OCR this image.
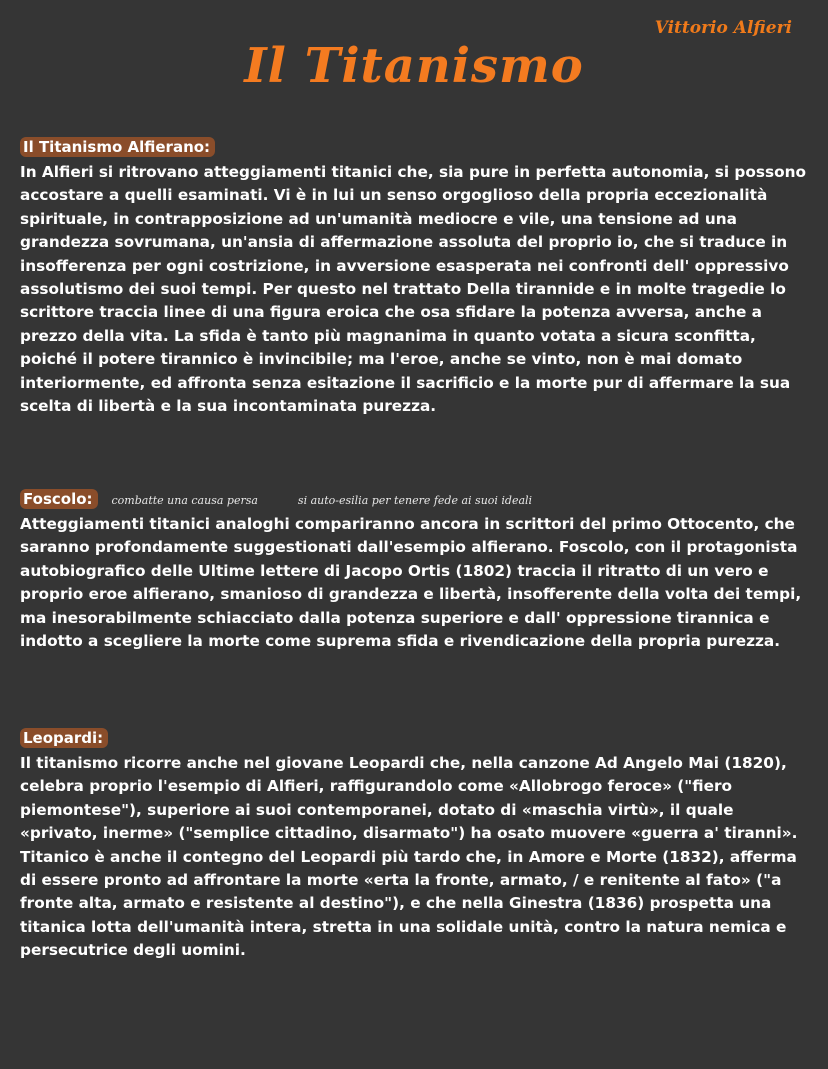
Vittorio Alfieri
Il Titanismo
Il Titanismo Alfierano:

In Alfieri si ritrovano atteggiamenti titanici che, sia pure in perfetta autonomia, si possono accostare a quelli esaminati. Vi è in lui un senso orgoglioso della propria eccezionalità spirituale, in contrapposizione ad un'umanità mediocre e vile, una tensione ad una grandezza sovrumana, un'ansia di affermazione assoluta del proprio io, che si traduce in insofferenza per ogni costrizione, in avversione esasperata nei confronti dell' oppressivo assolutismo dei suoi tempi. Per questo nel trattato Della tirannide e in molte tragedie lo scrittore traccia linee di una figura eroica che osa sfidare la potenza avversa, anche a prezzo della vita. La sfida è tanto più magnanima in quanto votata a sicura sconfitta, poiché il potere tirannico è invincibile; ma l'eroe, anche se vinto, non è mai domato interiormente, ed affronta senza esitazione il sacrificio e la morte pur di affermare la sua scelta di libertà e la sua incontaminata purezza.

Foscolo:	combatte una causa persa	si auto-esilia per tenere fede ai suoi ideali

Atteggiamenti titanici analoghi compariranno ancora in scrittori del primo Ottocento, che saranno profondamente suggestionati dall'esempio alfierano. Foscolo, con il protagonista autobiografico delle Ultime lettere di Jacopo Ortis (1802) traccia il ritratto di un vero e proprio eroe alfierano, smanioso di grandezza e libertà, insofferente della volta dei tempi, ma inesorabilmente schiacciato dalla potenza superiore e dall' oppressione tirannica e indotto a scegliere la morte come suprema sfida e rivendicazione della propria purezza.

Leopardi:

Il titanismo ricorre anche nel giovane Leopardi che, nella canzone Ad Angelo Mai (1820), celebra proprio l'esempio di Alfieri, raffigurandolo come «Allobrogo feroce» ("fiero piemontese"), superiore ai suoi contemporanei, dotato di «maschia virtù», il quale «privato, inerme» ("semplice cittadino, disarmato") ha osato muovere «guerra a' tiranni». Titanico è anche il contegno del Leopardi più tardo che, in Amore e Morte (1832), afferma di essere pronto ad affrontare la morte «erta la fronte, armato, / e renitente al fato» ("a fronte alta, armato e resistente al destino"), e che nella Ginestra (1836) prospetta una titanica lotta dell'umanità intera, stretta in una solidale unità, contro la natura nemica e persecutrice degli uomini.
